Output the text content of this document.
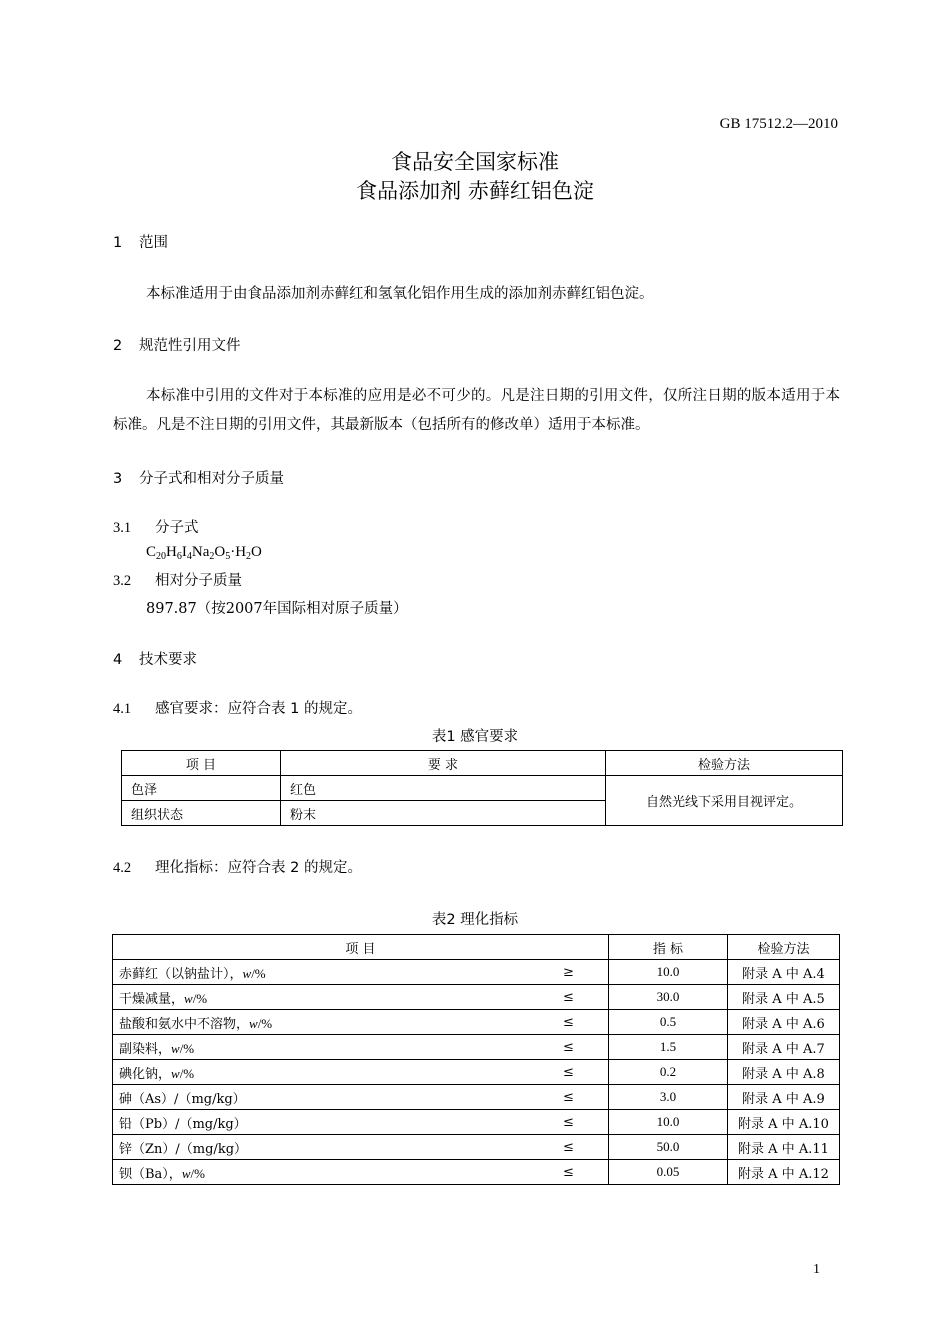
GB 17512.2—2010
食品安全国家标准
食品添加剂 赤藓红铝色淀
1 范围

本标准适用于由食品添加剂赤藓红和氢氧化铝作用生成的添加剂赤藓红铝色淀。

2 规范性引用文件

本标准中引用的文件对于本标准的应用是必不可少的。凡是注日期的引用文件，仅所注日期的版本适用于本标准。凡是不注日期的引用文件，其最新版本（包括所有的修改单）适用于本标准。

3 分子式和相对分子质量
3.1 分子式
$C_{20}H_6I_4Na_2O_5\cdot H_2O$
3.2 相对分子质量
897.87（按2007年国际相对原子质量）
4 技术要求
4.1 感官要求：应符合表 1 的规定。
表1 感官要求
项 目	要 求	检验方法
色泽	红色	自然光线下采用目视评定。
组织状态	粉末	
4.2 理化指标：应符合表 2 的规定。
表2 理化指标
项 目		指 标	检验方法
赤藓红（以钠盐计），w/%	≥	10.0	附录 A 中 A.4
干燥减量，w/%	≤	30.0	附录 A 中 A.5
盐酸和氨水中不溶物，w/%	≤	0.5	附录 A 中 A.6
副染料，w/%	≤	1.5	附录 A 中 A.7
碘化钠，w/%	≤	0.2	附录 A 中 A.8
砷（As）/（mg/kg）	≤	3.0	附录 A 中 A.9
铅（Pb）/（mg/kg）	≤	10.0	附录 A 中 A.10
锌（Zn）/（mg/kg）	≤	50.0	附录 A 中 A.11
钡（Ba），w/%	≤	0.05	附录 A 中 A.12
1
